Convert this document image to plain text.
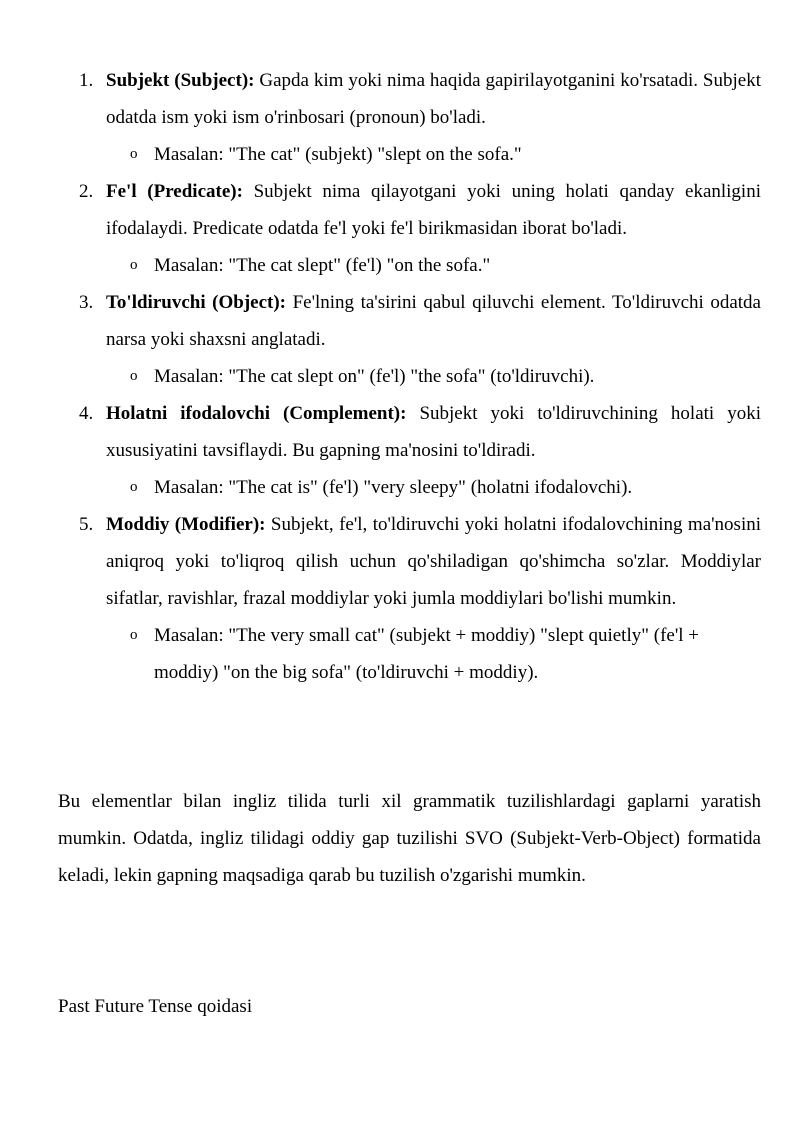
1. Subjekt (Subject): Gapda kim yoki nima haqida gapirilayotganini ko'rsatadi. Subjekt odatda ism yoki ism o'rinbosari (pronoun) bo'ladi.

o Masalan: "The cat" (subjekt) "slept on the sofa."

2. Fe'l (Predicate): Subjekt nima qilayotgani yoki uning holati qanday ekanligini ifodalaydi. Predicate odatda fe'l yoki fe'l birikmasidan iborat bo'ladi.

o Masalan: "The cat slept" (fe'l) "on the sofa."

3. To'ldiruvchi (Object): Fe'lning ta'sirini qabul qiluvchi element. To'ldiruvchi odatda narsa yoki shaxsni anglatadi.

o Masalan: "The cat slept on" (fe'l) "the sofa" (to'ldiruvchi).

4. Holatni ifodalovchi (Complement): Subjekt yoki to'ldiruvchining holati yoki xususiyatini tavsiflaydi. Bu gapning ma'nosini to'ldiradi.

o Masalan: "The cat is" (fe'l) "very sleepy" (holatni ifodalovchi).

5. Moddiy (Modifier): Subjekt, fe'l, to'ldiruvchi yoki holatni ifodalovchining ma'nosini aniqroq yoki to'liqroq qilish uchun qo'shiladigan qo'shimcha so'zlar. Moddiylar sifatlar, ravishlar, frazal moddiylar yoki jumla moddiylari bo'lishi mumkin.

o Masalan: "The very small cat" (subjekt + moddiy) "slept quietly" (fe'l + moddiy) "on the big sofa" (to'ldiruvchi + moddiy).

Bu elementlar bilan ingliz tilida turli xil grammatik tuzilishlardagi gaplarni yaratish mumkin. Odatda, ingliz tilidagi oddiy gap tuzilishi SVO (Subjekt-Verb-Object) formatida keladi, lekin gapning maqsadiga qarab bu tuzilish o'zgarishi mumkin.

Past Future Tense qoidasi
